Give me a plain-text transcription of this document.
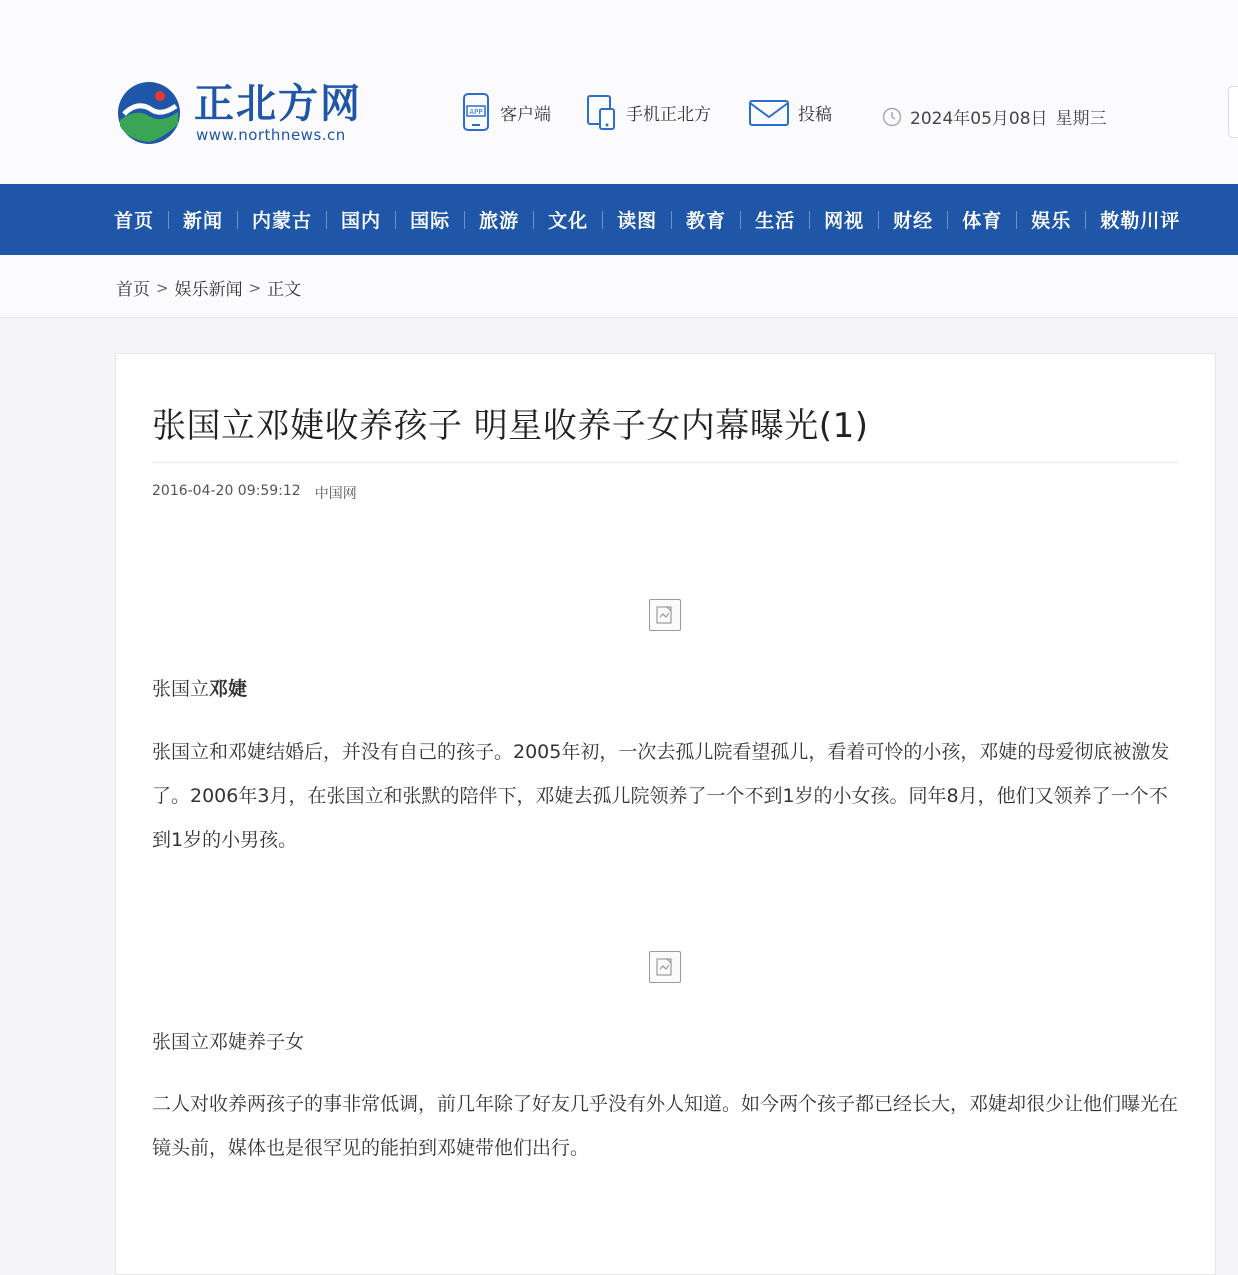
正北方网
www.northnews.cn
APP 客户端	手机正北方	投稿	2024年05月08日 星期三
首页	新闻	内蒙古	国内	国际	旅游	文化	读图	教育	生活	网视	财经	体育	娱乐	敕勒川评
首页 > 娱乐新闻 > 正文
张国立邓婕收养孩子 明星收养子女内幕曝光(1)
2016-04-20 09:59:12 中国网
张国立邓婕

张国立和邓婕结婚后，并没有自己的孩子。2005年初，一次去孤儿院看望孤儿，看着可怜的小孩，邓婕的母爱彻底被激发了。2006年3月，在张国立和张默的陪伴下，邓婕去孤儿院领养了一个不到1岁的小女孩。同年8月，他们又领养了一个不到1岁的小男孩。

张国立邓婕养子女

二人对收养两孩子的事非常低调，前几年除了好友几乎没有外人知道。如今两个孩子都已经长大，邓婕却很少让他们曝光在镜头前，媒体也是很罕见的能拍到邓婕带他们出行。
